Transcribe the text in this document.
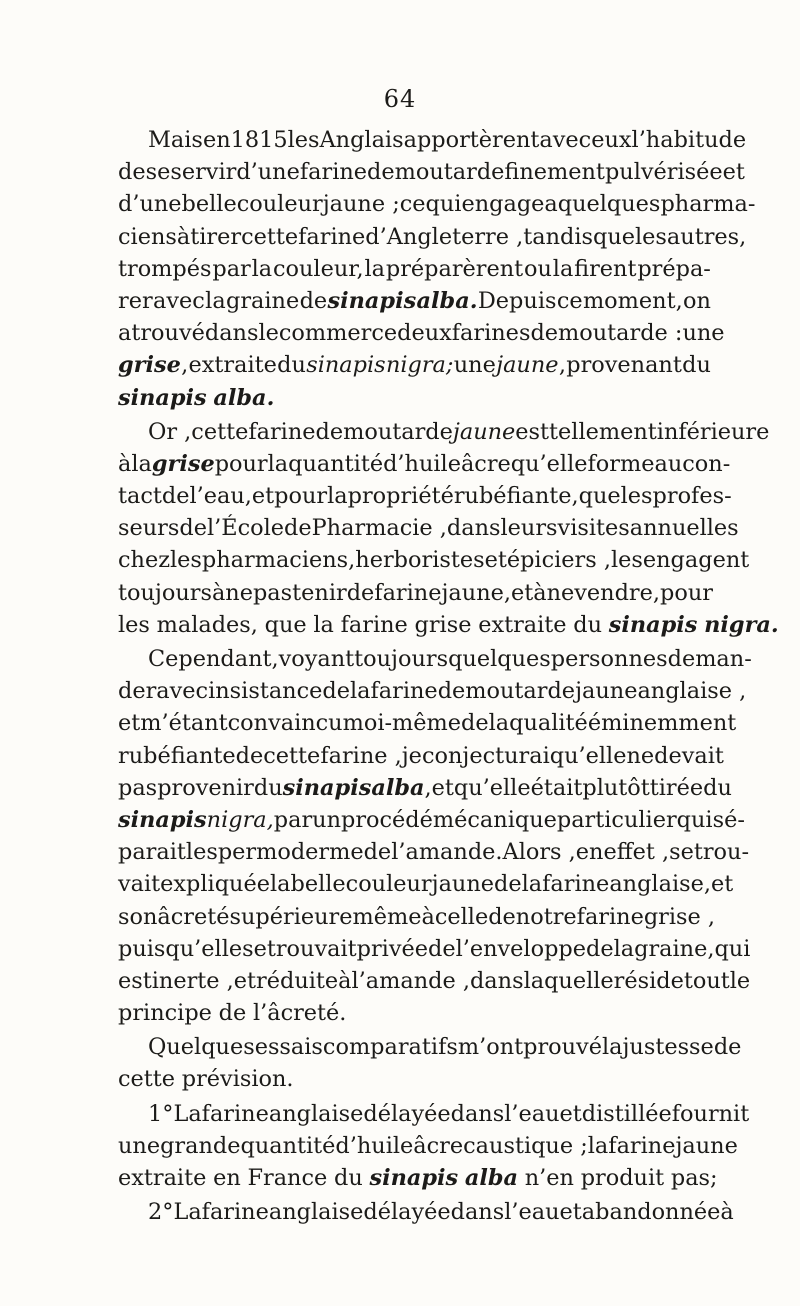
64
Mais en 1815 les Anglais apportèrent avec eux l’habitude
de se servir d’une farine de moutarde finement pulvérisée et
d’une belle couleur jaune ; ce qui engagea quelques pharma-
ciens à tirer cette farine d’Angleterre , tandis que les autres,
trompés par la couleur, la préparèrent ou la firent prépa-
rer avec la graine de sinapis alba. Depuis ce moment, on
a trouvé dans le commerce deux farines de moutarde : une
grise , extraite du sinapis nigra; une jaune , provenant du
sinapis alba.
Or , cette farine de moutarde jaune est tellement inférieure
à la grise pour la quantité d’huile âcre qu’elle forme au con-
tact de l’eau, et pour la propriété rubéfiante, que les profes-
seurs de l’École de Pharmacie , dans leurs visites annuelles
chez les pharmaciens, herboristes et épiciers , les engagent
toujours à ne pas tenir de farine jaune, et à ne vendre, pour
les malades, que la farine grise extraite du sinapis nigra.
Cependant, voyant toujours quelques personnes deman-
der avec insistance de la farine de moutarde jaune anglaise ,
et m’étant convaincu moi-même de la qualité éminemment
rubéfiante de cette farine , je conjecturai qu’elle ne devait
pas provenir du sinapis alba , et qu’elle était plutôt tirée du
sinapis nigra, par un procédé mécanique particulier qui sé-
parait le spermoderme de l’amande. Alors , en effet , se trou-
vait expliquée la belle couleur jaune de la farine anglaise, et
son âcreté supérieure même à celle de notre farine grise ,
puisqu’elle se trouvait privée de l’enveloppe de la graine, qui
est inerte , et réduite à l’amande , dans laquelle réside tout le
principe de l’âcreté.
Quelques essais comparatifs m’ont prouvé la justesse de
cette prévision.
1° La farine anglaise délayée dans l’eau et distillée fournit
une grande quantité d’huile âcre caustique ; la farine jaune
extraite en France du sinapis alba n’en produit pas;
2° La farine anglaise délayée dans l’eau et abandonnée à
